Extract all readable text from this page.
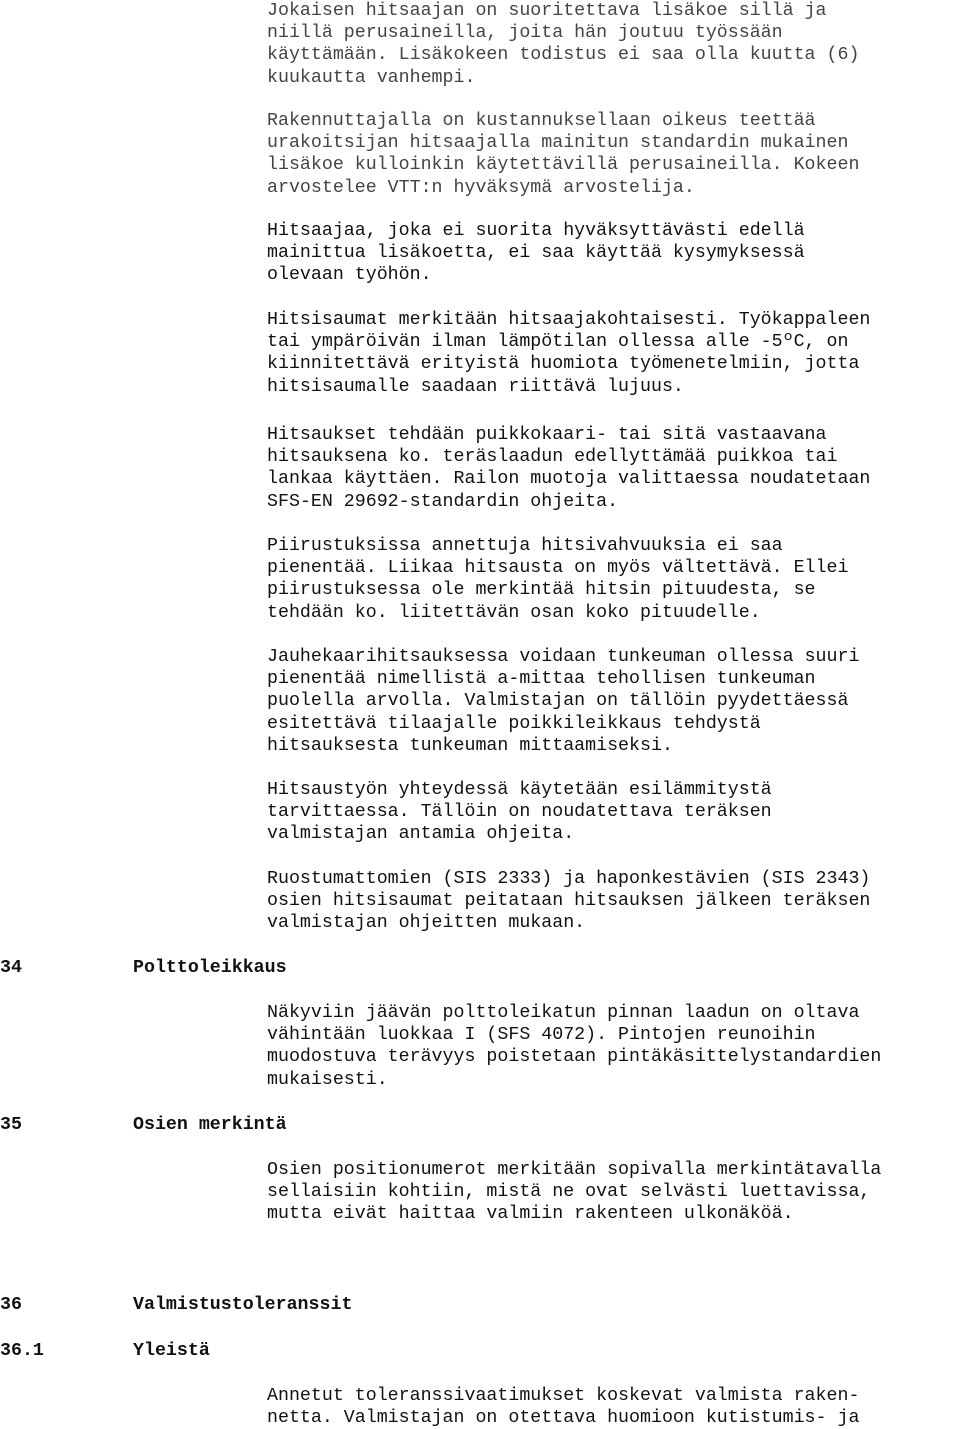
Jokaisen hitsaajan on suoritettava lisäkoe sillä ja
niillä perusaineilla, joita hän joutuu työssään
käyttämään. Lisäkokeen todistus ei saa olla kuutta (6)
kuukautta vanhempi.

Rakennuttajalla on kustannuksellaan oikeus teettää
urakoitsijan hitsaajalla mainitun standardin mukainen
lisäkoe kulloinkin käytettävillä perusaineilla. Kokeen
arvostelee VTT:n hyväksymä arvostelija.

Hitsaajaa, joka ei suorita hyväksyttävästi edellä
mainittua lisäkoetta, ei saa käyttää kysymyksessä
olevaan työhön.

Hitsisaumat merkitään hitsaajakohtaisesti. Työkappaleen
tai ympäröivän ilman lämpötilan ollessa alle -5ºC, on
kiinnitettävä erityistä huomiota työmenetelmiin, jotta
hitsisaumalle saadaan riittävä lujuus.

Hitsaukset tehdään puikkokaari- tai sitä vastaavana
hitsauksena ko. teräslaadun edellyttämää puikkoa tai
lankaa käyttäen. Railon muotoja valittaessa noudatetaan
SFS-EN 29692-standardin ohjeita.

Piirustuksissa annettuja hitsivahvuuksia ei saa
pienentää. Liikaa hitsausta on myös vältettävä. Ellei
piirustuksessa ole merkintää hitsin pituudesta, se
tehdään ko. liitettävän osan koko pituudelle.

Jauhekaarihitsauksessa voidaan tunkeuman ollessa suuri
pienentää nimellistä a-mittaa tehollisen tunkeuman
puolella arvolla. Valmistajan on tällöin pyydettäessä
esitettävä tilaajalle poikkileikkaus tehdystä
hitsauksesta tunkeuman mittaamiseksi.

Hitsaustyön yhteydessä käytetään esilämmitystä
tarvittaessa. Tällöin on noudatettava teräksen
valmistajan antamia ohjeita.

Ruostumattomien (SIS 2333) ja haponkestävien (SIS 2343)
osien hitsisaumat peitataan hitsauksen jälkeen teräksen
valmistajan ohjeitten mukaan.

34	Polttoleikkaus

Näkyviin jäävän polttoleikatun pinnan laadun on oltava
vähintään luokkaa I (SFS 4072). Pintojen reunoihin
muodostuva terävyys poistetaan pintäkäsittelystandardien
mukaisesti.

35	Osien merkintä

Osien positionumerot merkitään sopivalla merkintätavalla
sellaisiin kohtiin, mistä ne ovat selvästi luettavissa,
mutta eivät haittaa valmiin rakenteen ulkonäköä.

36	Valmistustoleranssit
36.1	Yleistä

Annetut toleranssivaatimukset koskevat valmista raken-
netta. Valmistajan on otettava huomioon kutistumis- ja
